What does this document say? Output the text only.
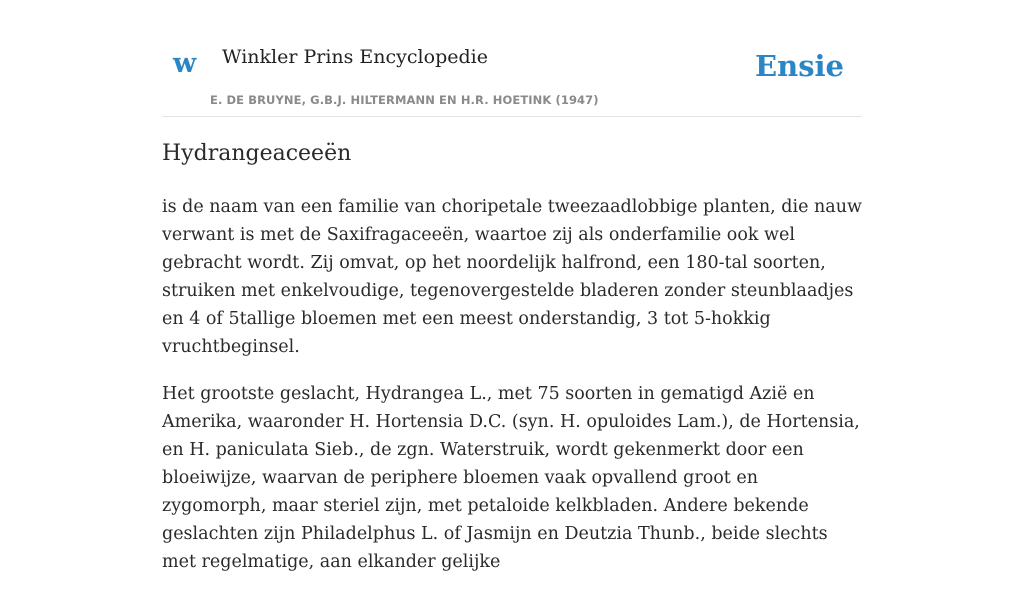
w Winkler Prins Encyclopedie
E. DE BRUYNE, G.B.J. HILTERMANN EN H.R. HOETINK (1947)
Ensie
Hydrangeaceeën

is de naam van een familie van choripetale tweezaadlobbige planten, die nauw verwant is met de Saxifragaceeën, waartoe zij als onderfamilie ook wel gebracht wordt. Zij omvat, op het noordelijk halfrond, een 180-tal soorten, struiken met enkelvoudige, tegenovergestelde bladeren zonder steunblaadjes en 4 of 5tallige bloemen met een meest onderstandig, 3 tot 5-hokkig vruchtbeginsel.

Het grootste geslacht, Hydrangea L., met 75 soorten in gematigd Azië en Amerika, waaronder H. Hortensia D.C. (syn. H. opuloides Lam.), de Hortensia, en H. paniculata Sieb., de zgn. Waterstruik, wordt gekenmerkt door een bloeiwijze, waarvan de periphere bloemen vaak opvallend groot en zygomorph, maar steriel zijn, met petaloide kelkbladen. Andere bekende geslachten zijn Philadelphus L. of Jasmijn en Deutzia Thunb., beide slechts met regelmatige, aan elkander gelijke
